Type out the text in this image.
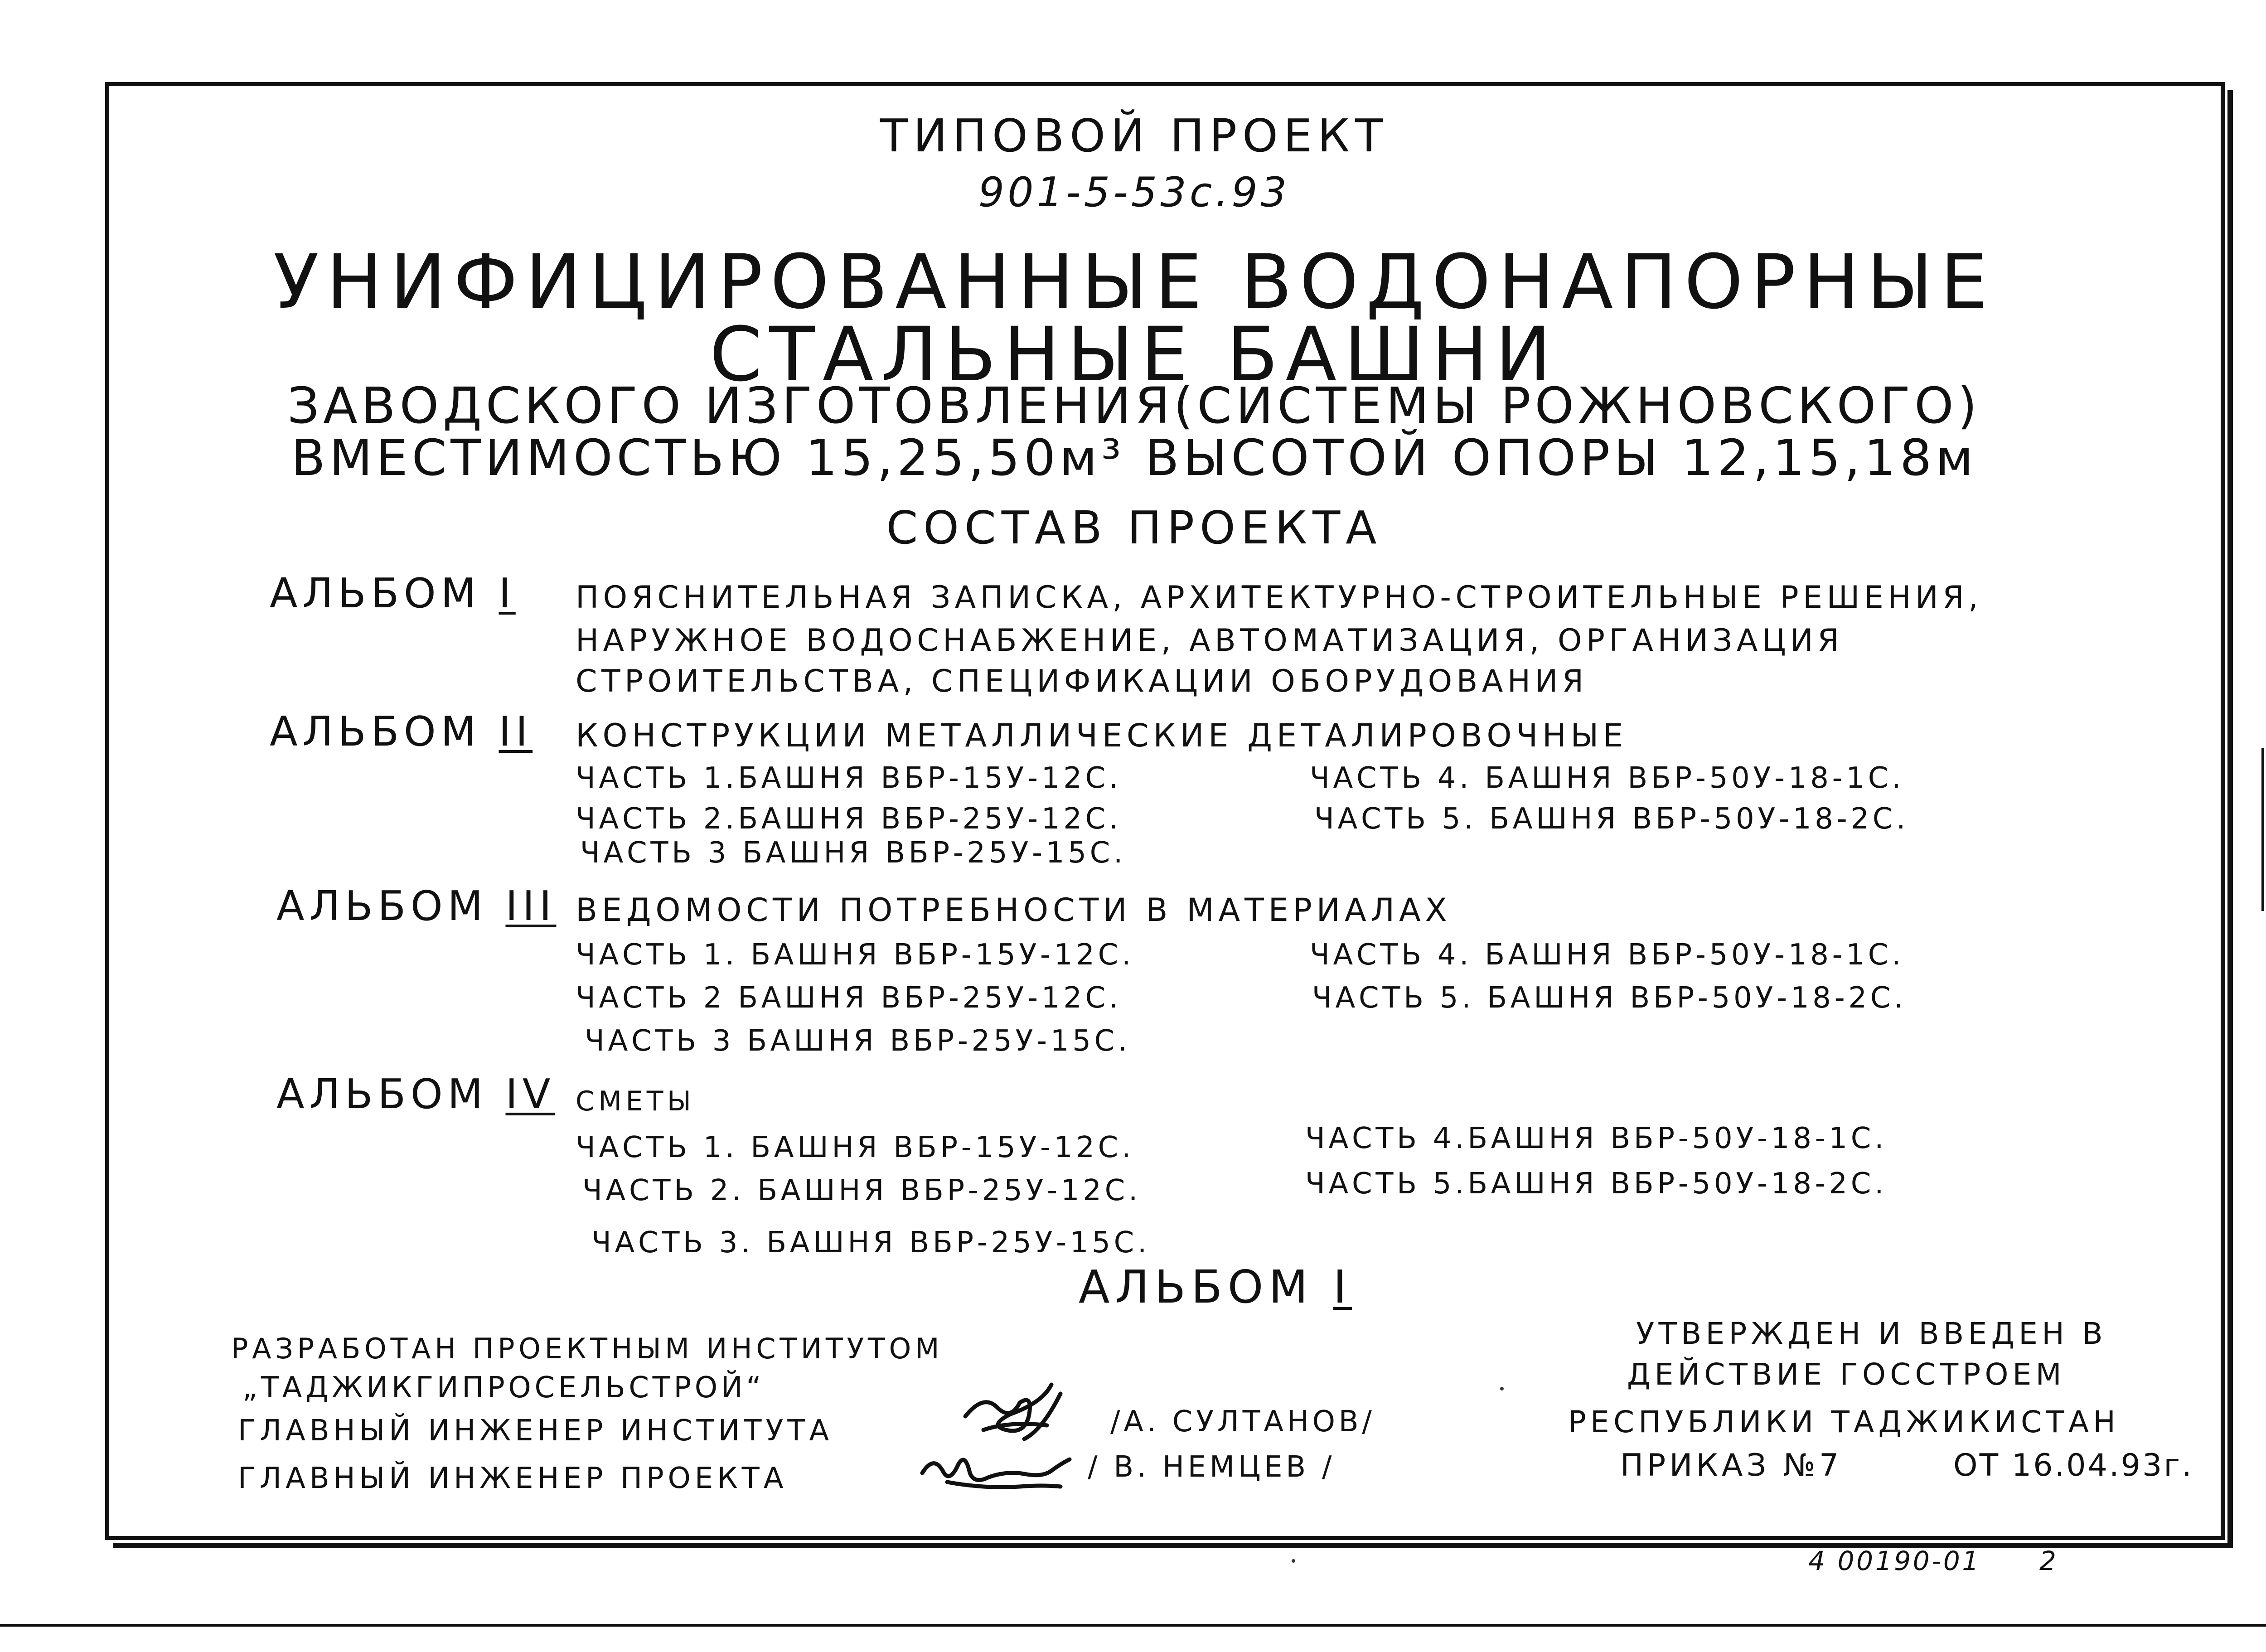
ТИПОВОЙ ПРОЕКТ
901-5-53с.93
УНИФИЦИРОВАННЫЕ ВОДОНАПОРНЫЕ
СТАЛЬНЫЕ БАШНИ
ЗАВОДСКОГО ИЗГОТОВЛЕНИЯ(СИСТЕМЫ РОЖНОВСКОГО)
ВМЕСТИМОСТЬЮ 15,25,50м³ ВЫСОТОЙ ОПОРЫ 12,15,18м
СОСТАВ ПРОЕКТА
АЛЬБОМ I ПОЯСНИТЕЛЬНАЯ ЗАПИСКА, АРХИТЕКТУРНО-СТРОИТЕЛЬНЫЕ РЕШЕНИЯ,
НАРУЖНОЕ ВОДОСНАБЖЕНИЕ, АВТОМАТИЗАЦИЯ, ОРГАНИЗАЦИЯ
СТРОИТЕЛЬСТВА, СПЕЦИФИКАЦИИ ОБОРУДОВАНИЯ
АЛЬБОМ II КОНСТРУКЦИИ МЕТАЛЛИЧЕСКИЕ ДЕТАЛИРОВОЧНЫЕ
ЧАСТЬ 1.БАШНЯ ВБР-15У-12С.
ЧАСТЬ 2.БАШНЯ ВБР-25У-12С.
ЧАСТЬ 3 БАШНЯ ВБР-25У-15С.
ЧАСТЬ 4. БАШНЯ ВБР-50У-18-1С.
ЧАСТЬ 5. БАШНЯ ВБР-50У-18-2С.
АЛЬБОМ III ВЕДОМОСТИ ПОТРЕБНОСТИ В МАТЕРИАЛАХ
ЧАСТЬ 1. БАШНЯ ВБР-15У-12С.
ЧАСТЬ 2 БАШНЯ ВБР-25У-12С.
ЧАСТЬ 3 БАШНЯ ВБР-25У-15С.
ЧАСТЬ 4. БАШНЯ ВБР-50У-18-1С.
ЧАСТЬ 5. БАШНЯ ВБР-50У-18-2С.
АЛЬБОМ IV СМЕТЫ
ЧАСТЬ 1. БАШНЯ ВБР-15У-12С.
ЧАСТЬ 2. БАШНЯ ВБР-25У-12С.
ЧАСТЬ 3. БАШНЯ ВБР-25У-15С.
ЧАСТЬ 4.БАШНЯ ВБР-50У-18-1С.
ЧАСТЬ 5.БАШНЯ ВБР-50У-18-2С.
АЛЬБОМ I
РАЗРАБОТАН ПРОЕКТНЫМ ИНСТИТУТОМ
„ТАДЖИКГИПРОСЕЛЬСТРОЙ“
ГЛАВНЫЙ ИНЖЕНЕР ИНСТИТУТА	/А. СУЛТАНОВ/
ГЛАВНЫЙ ИНЖЕНЕР ПРОЕКТА	/ В. НЕМЦЕВ /
УТВЕРЖДЕН И ВВЕДЕН В
ДЕЙСТВИЕ ГОССТРОЕМ
РЕСПУБЛИКИ ТАДЖИКИСТАН
ПРИКАЗ №7	ОТ 16.04.93г.
4 00190-01 2
